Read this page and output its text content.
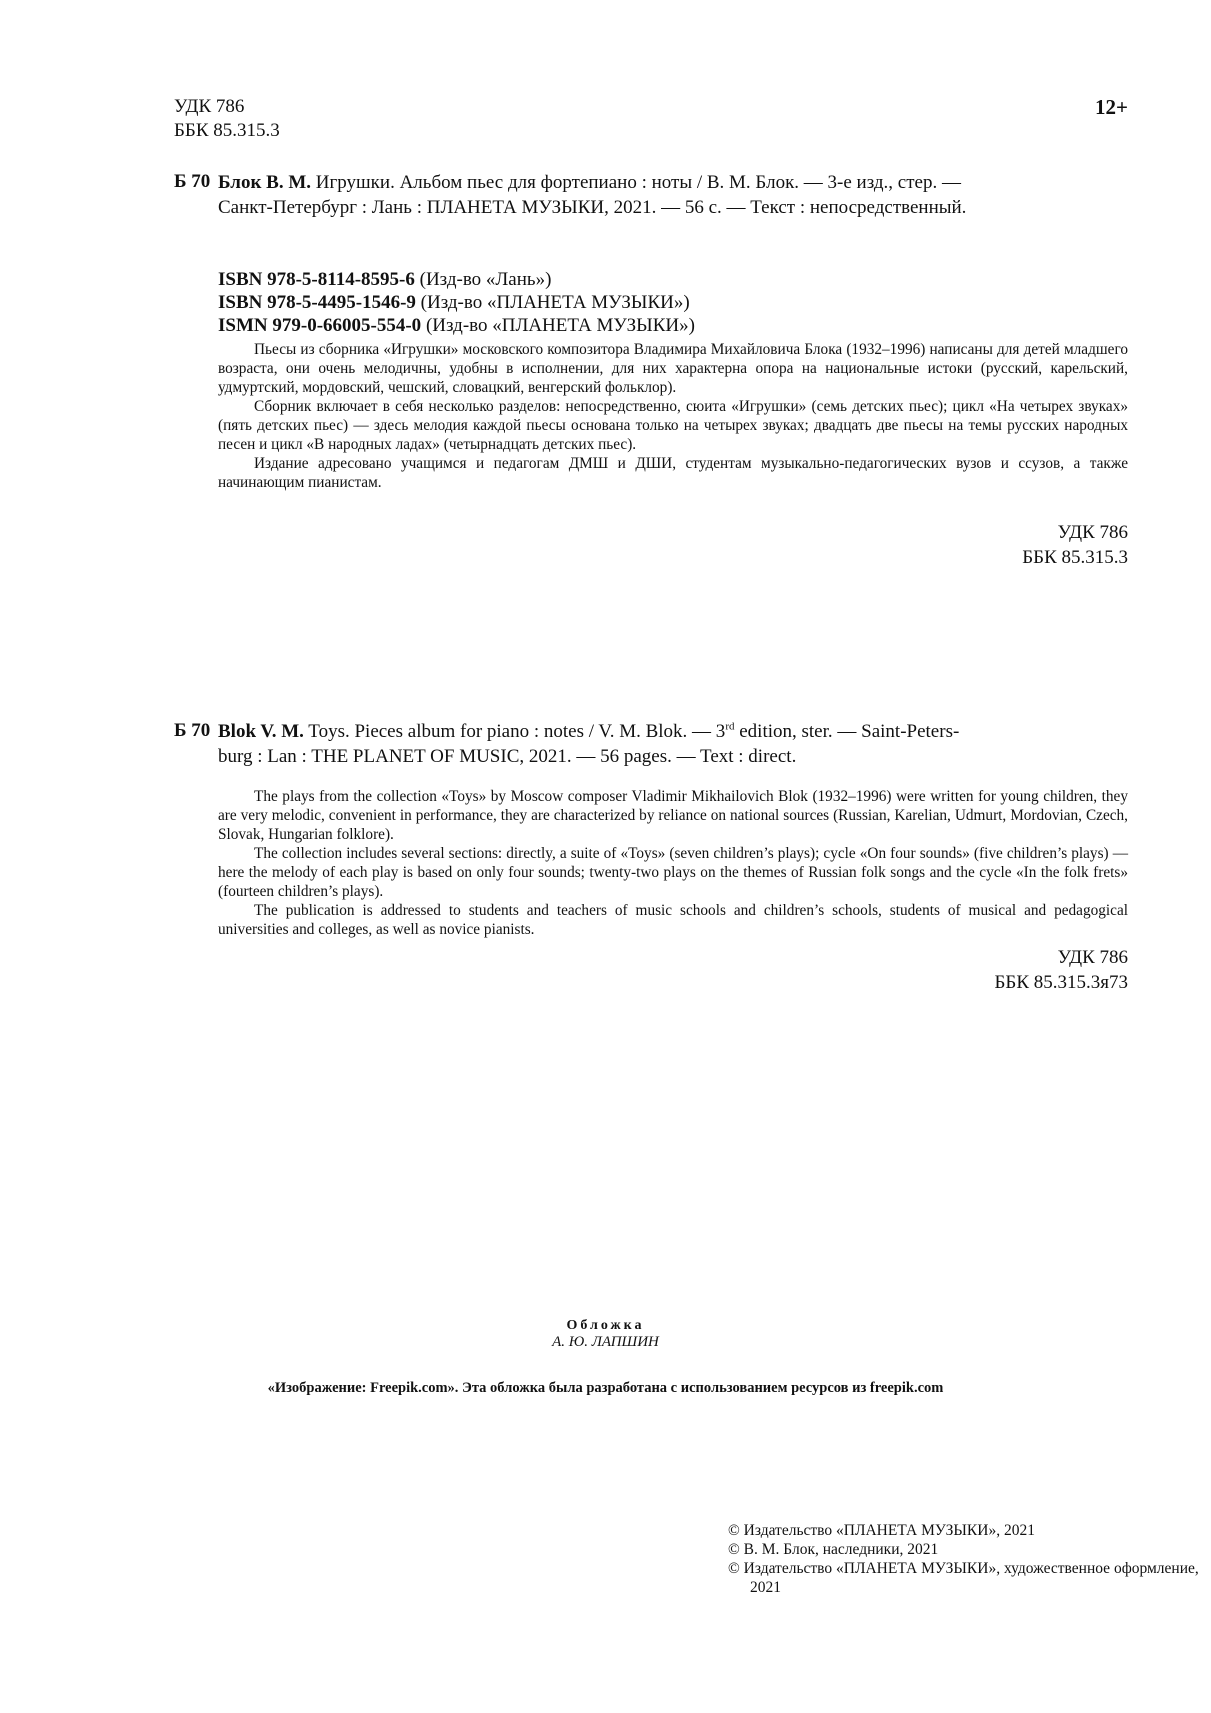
УДК 786
ББК 85.315.3
12+
Б 70 Блок В. М. Игрушки. Альбом пьес для фортепиано : ноты / В. М. Блок. — 3-е изд., стер. —
Санкт-Петербург : Лань : ПЛАНЕТА МУЗЫКИ, 2021. — 56 с. — Текст : непосредственный.
ISBN 978-5-8114-8595-6 (Изд-во «Лань»)
ISBN 978-5-4495-1546-9 (Изд-во «ПЛАНЕТА МУЗЫКИ»)
ISMN 979-0-66005-554-0 (Изд-во «ПЛАНЕТА МУЗЫКИ»)

Пьесы из сборника «Игрушки» московского композитора Владимира Михайловича Блока (1932–1996) написаны для детей младшего возраста, они очень мелодичны, удобны в исполнении, для них характерна опора на национальные истоки (русский, карельский, удмуртский, мордовский, чешский, словацкий, венгерский фольклор).

Сборник включает в себя несколько разделов: непосредственно, сюита «Игрушки» (семь детских пьес); цикл «На четырех звуках» (пять детских пьес) — здесь мелодия каждой пьесы основана только на четырех звуках; двадцать две пьесы на темы русских народных песен и цикл «В народных ладах» (четырнадцать детских пьес).

Издание адресовано учащимся и педагогам ДМШ и ДШИ, студентам музыкально-педагогических вузов и ссузов, а также начинающим пианистам.

УДК 786
ББК 85.315.3
Б 70 Blok V. M. Toys. Pieces album for piano : notes / V. M. Blok. — 3rd edition, ster. — Saint-Peters-
burg : Lan : THE PLANET OF MUSIC, 2021. — 56 pages. — Text : direct.

The plays from the collection «Toys» by Moscow composer Vladimir Mikhailovich Blok (1932–1996) were written for young children, they are very melodic, convenient in performance, they are characterized by reliance on national sources (Russian, Karelian, Udmurt, Mordovian, Czech, Slovak, Hungarian folklore).

The collection includes several sections: directly, a suite of «Toys» (seven children’s plays); cycle «On four sounds» (five children’s plays) — here the melody of each play is based on only four sounds; twenty-two plays on the themes of Russian folk songs and the cycle «In the folk frets» (fourteen children’s plays).

The publication is addressed to students and teachers of music schools and children’s schools, students of musical and pedagogical universities and colleges, as well as novice pianists.

УДК 786
ББК 85.315.3я73
Обложка
А. Ю. ЛАПШИН
«Изображение: Freepik.com». Эта обложка была разработана с использованием ресурсов из freepik.com
© Издательство «ПЛАНЕТА МУЗЫКИ», 2021
© В. М. Блок, наследники, 2021
© Издательство «ПЛАНЕТА МУЗЫКИ», художественное оформление, 2021
